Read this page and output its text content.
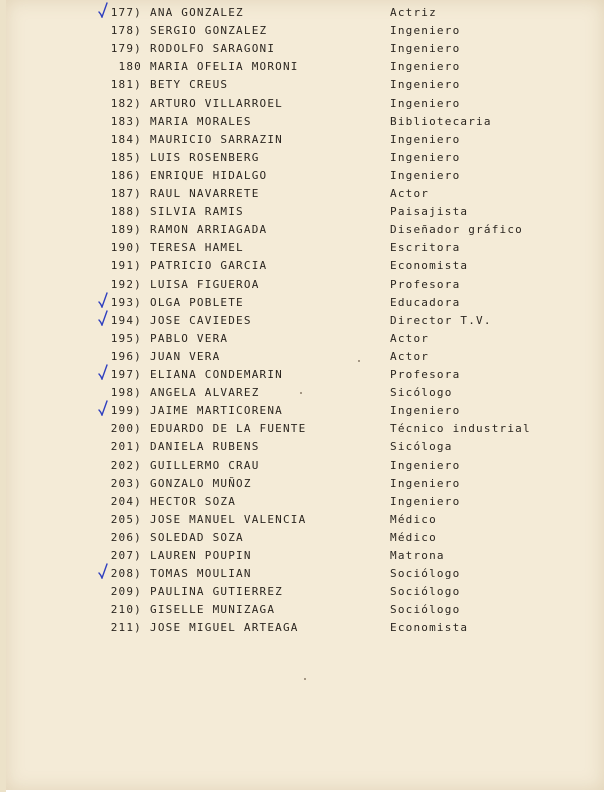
177) ANA GONZALEZ	Actriz
178) SERGIO GONZALEZ	Ingeniero
179) RODOLFO SARAGONI	Ingeniero
180 MARIA OFELIA MORONI	Ingeniero
181) BETY CREUS	Ingeniero
182) ARTURO VILLARROEL	Ingeniero
183) MARIA MORALES	Bibliotecaria
184) MAURICIO SARRAZIN	Ingeniero
185) LUIS ROSENBERG	Ingeniero
186) ENRIQUE HIDALGO	Ingeniero
187) RAUL NAVARRETE	Actor
188) SILVIA RAMIS	Paisajista
189) RAMON ARRIAGADA	Diseñador gráfico
190) TERESA HAMEL	Escritora
191) PATRICIO GARCIA	Economista
192) LUISA FIGUEROA	Profesora
193) OLGA POBLETE	Educadora
194) JOSE CAVIEDES	Director T.V.
195) PABLO VERA	Actor
196) JUAN VERA	Actor
197) ELIANA CONDEMARIN	Profesora
198) ANGELA ALVAREZ	Sicólogo
199) JAIME MARTICORENA	Ingeniero
200) EDUARDO DE LA FUENTE	Técnico industrial
201) DANIELA RUBENS	Sicóloga
202) GUILLERMO CRAU	Ingeniero
203) GONZALO MUÑOZ	Ingeniero
204) HECTOR SOZA	Ingeniero
205) JOSE MANUEL VALENCIA	Médico
206) SOLEDAD SOZA	Médico
207) LAUREN POUPIN	Matrona
208) TOMAS MOULIAN	Sociólogo
209) PAULINA GUTIERREZ	Sociólogo
210) GISELLE MUNIZAGA	Sociólogo
211) JOSE MIGUEL ARTEAGA	Economista
